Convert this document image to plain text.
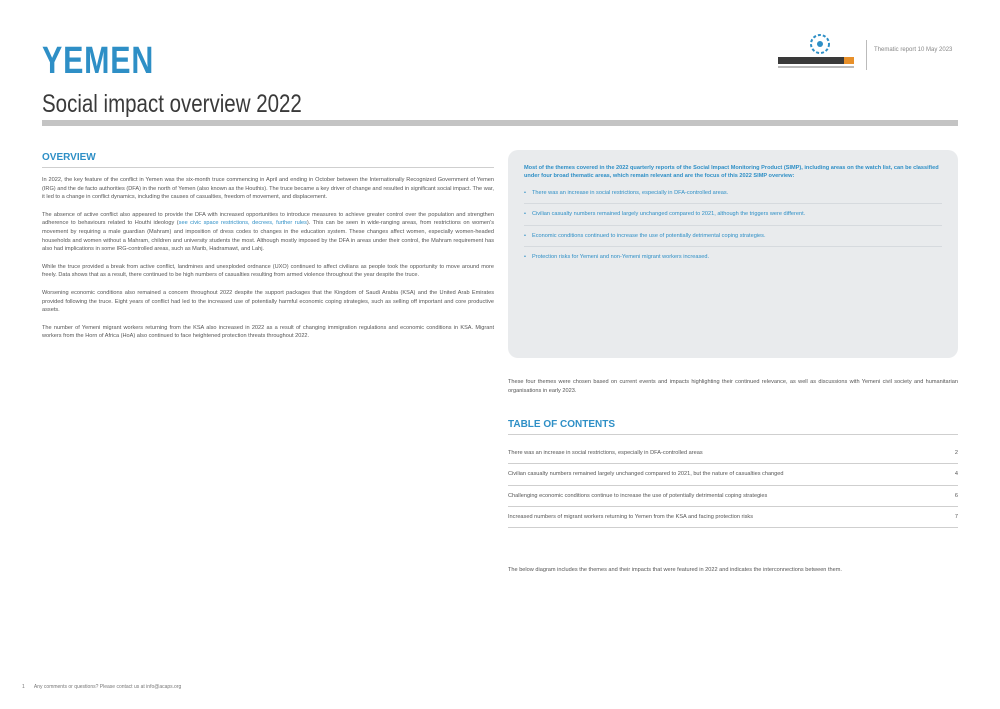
YEMEN
Social impact overview 2022
Thematic report 10 May 2023
OVERVIEW

In 2022, the key feature of the conflict in Yemen was the six-month truce commencing in April and ending in October between the Internationally Recognized Government of Yemen (IRG) and the de facto authorities (DFA) in the north of Yemen (also known as the Houthis). The truce became a key driver of change and resulted in significant social impact. The war, it led to a change in conflict dynamics, including the causes of casualties, freedom of movement, and displacement.

The absence of active conflict also appeared to provide the DFA with increased opportunities to introduce measures to achieve greater control over the population and strengthen adherence to behaviours related to Houthi ideology (see civic space restrictions, decrees, further rules). This can be seen in wide-ranging areas, from restrictions on women's movement by requiring a male guardian (Mahram) and imposition of dress codes to changes in the education system. These changes affect women, especially women-headed households and women without a Mahram, children and university students the most. Although mostly imposed by the DFA in areas under their control, the Mahram requirement has also had implications in some IRG-controlled areas, such as Marib, Hadramawt, and Lahj.

While the truce provided a break from active conflict, landmines and unexploded ordnance (UXO) continued to affect civilians as people took the opportunity to move around more freely. Data shows that as a result, there continued to be high numbers of casualties resulting from armed violence throughout the year despite the truce.

Worsening economic conditions also remained a concern throughout 2022 despite the support packages that the Kingdom of Saudi Arabia (KSA) and the United Arab Emirates provided following the truce. Eight years of conflict had led to the increased use of potentially harmful economic coping strategies, such as selling off important and core productive assets.

The number of Yemeni migrant workers returning from the KSA also increased in 2022 as a result of changing immigration regulations and economic conditions in KSA. Migrant workers from the Horn of Africa (HoA) also continued to face heightened protection threats throughout 2022.

Most of the themes covered in the 2022 quarterly reports of the Social Impact Monitoring Product (SIMP), including areas on the watch list, can be classified under four broad thematic areas, which remain relevant and are the focus of this 2022 SIMP overview:
• There was an increase in social restrictions, especially in DFA-controlled areas.
• Civilian casualty numbers remained largely unchanged compared to 2021, although the triggers were different.
• Economic conditions continued to increase the use of potentially detrimental coping strategies.
• Protection risks for Yemeni and non-Yemeni migrant workers increased.

These four themes were chosen based on current events and impacts highlighting their continued relevance, as well as discussions with Yemeni civil society and humanitarian organisations in early 2023.

TABLE OF CONTENTS
There was an increase in social restrictions, especially in DFA-controlled areas	2
Civilian casualty numbers remained largely unchanged compared to 2021, but the nature of casualties changed	4
Challenging economic conditions continue to increase the use of potentially detrimental coping strategies	6
Increased numbers of migrant workers returning to Yemen from the KSA and facing protection risks	7

The below diagram includes the themes and their impacts that were featured in 2022 and indicates the interconnections between them.

1 Any comments or questions? Please contact us at info@acaps.org
